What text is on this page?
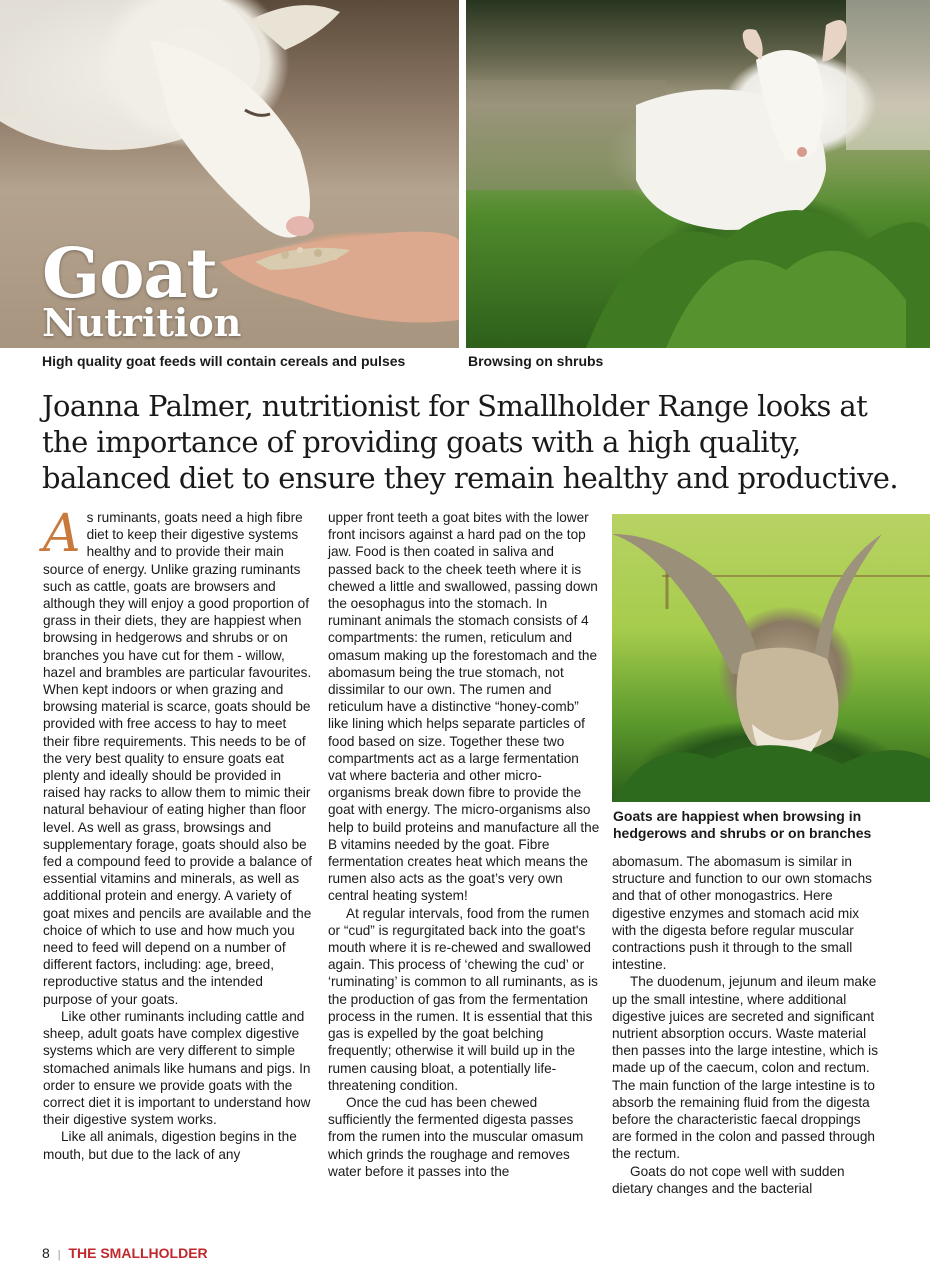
Goat
Nutrition
High quality goat feeds will contain cereals and pulses	Browsing on shrubs
Joanna Palmer, nutritionist for Smallholder Range looks at the importance of providing goats with a high quality, balanced diet to ensure they remain healthy and productive.
A s ruminants, goats need a high fibre diet to keep their digestive systems healthy and to provide their main source of energy. Unlike grazing ruminants such as cattle, goats are browsers and although they will enjoy a good proportion of grass in their diets, they are happiest when browsing in hedgerows and shrubs or on branches you have cut for them - willow, hazel and brambles are particular favourites. When kept indoors or when grazing and browsing material is scarce, goats should be provided with free access to hay to meet their fibre requirements. This needs to be of the very best quality to ensure goats eat plenty and ideally should be provided in raised hay racks to allow them to mimic their natural behaviour of eating higher than floor level. As well as grass, browsings and supplementary forage, goats should also be fed a compound feed to provide a balance of essential vitamins and minerals, as well as additional protein and energy. A variety of goat mixes and pencils are available and the choice of which to use and how much you need to feed will depend on a number of different factors, including: age, breed, reproductive status and the intended purpose of your goats.

Like other ruminants including cattle and sheep, adult goats have complex digestive systems which are very different to simple stomached animals like humans and pigs. In order to ensure we provide goats with the correct diet it is important to understand how their digestive system works.

Like all animals, digestion begins in the mouth, but due to the lack of any

upper front teeth a goat bites with the lower front incisors against a hard pad on the top jaw. Food is then coated in saliva and passed back to the cheek teeth where it is chewed a little and swallowed, passing down the oesophagus into the stomach. In ruminant animals the stomach consists of 4 compartments: the rumen, reticulum and omasum making up the forestomach and the abomasum being the true stomach, not dissimilar to our own. The rumen and reticulum have a distinctive “honey-comb” like lining which helps separate particles of food based on size. Together these two compartments act as a large fermentation vat where bacteria and other micro-organisms break down fibre to provide the goat with energy. The micro-organisms also help to build proteins and manufacture all the B vitamins needed by the goat. Fibre fermentation creates heat which means the rumen also acts as the goat’s very own central heating system!

At regular intervals, food from the rumen or “cud” is regurgitated back into the goat's mouth where it is re-chewed and swallowed again. This process of ‘chewing the cud’ or ‘ruminating’ is common to all ruminants, as is the production of gas from the fermentation process in the rumen. It is essential that this gas is expelled by the goat belching frequently; otherwise it will build up in the rumen causing bloat, a potentially life-threatening condition.

Once the cud has been chewed sufficiently the fermented digesta passes from the rumen into the muscular omasum which grinds the roughage and removes water before it passes into the

Goats are happiest when browsing in hedgerows and shrubs or on branches

abomasum. The abomasum is similar in structure and function to our own stomachs and that of other monogastrics. Here digestive enzymes and stomach acid mix with the digesta before regular muscular contractions push it through to the small intestine.

The duodenum, jejunum and ileum make up the small intestine, where additional digestive juices are secreted and significant nutrient absorption occurs. Waste material then passes into the large intestine, which is made up of the caecum, colon and rectum. The main function of the large intestine is to absorb the remaining fluid from the digesta before the characteristic faecal droppings are formed in the colon and passed through the rectum.

Goats do not cope well with sudden dietary changes and the bacterial

8 | THE SMALLHOLDER
